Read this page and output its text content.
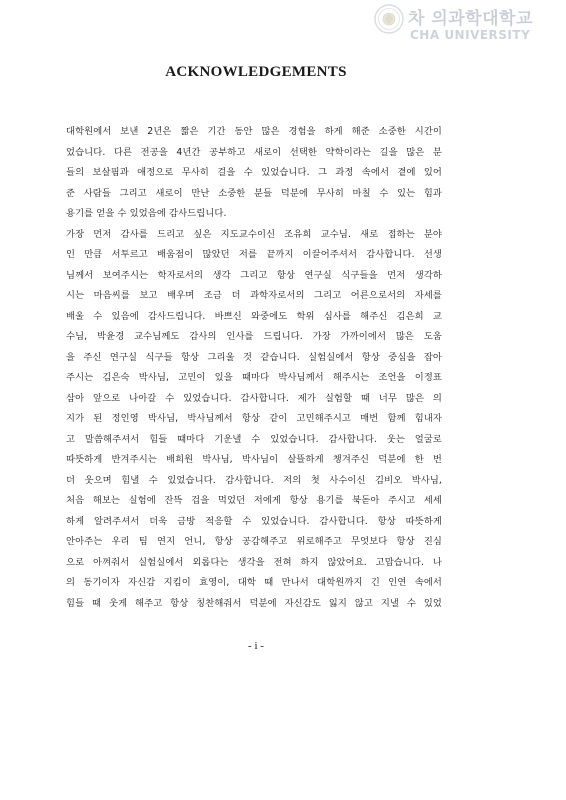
차 의과학대학교
CHA UNIVERSITY
ACKNOWLEDGEMENTS
대학원에서 보낸 2년은 짧은 기간 동안 많은 경험을 하게 해준 소중한 시간이
었습니다. 다른 전공을 4년간 공부하고 새로이 선택한 약학이라는 길을 많은 분
들의 보살핌과 애정으로 무사히 걸을 수 있었습니다. 그 과정 속에서 곁에 있어
준 사람들 그리고 새로이 만난 소중한 분들 덕분에 무사히 마칠 수 있는 힘과
용기를 얻을 수 있었음에 감사드립니다.
가장 먼저 감사를 드리고 싶은 지도교수이신 조유희 교수님. 새로 접하는 분야
인 만큼 서투르고 배움점이 많았던 저를 끝까지 이끌어주셔서 감사합니다. 선생
님께서 보여주시는 학자로서의 생각 그리고 항상 연구실 식구들을 먼저 생각하
시는 마음씨를 보고 배우며 조금 더 과학자로서의 그리고 어른으로서의 자세를
배울 수 있음에 감사드립니다. 바쁘신 와중에도 학위 심사를 해주신 김은희 교
수님, 박윤경 교수님께도 감사의 인사를 드립니다. 가장 가까이에서 많은 도움
을 주신 연구실 식구들 항상 그리울 것 같습니다. 실험실에서 항상 중심을 잡아
주시는 김은숙 박사님, 고민이 있을 때마다 박사님께서 해주시는 조언을 이정표
삼아 앞으로 나아갈 수 있었습니다. 감사합니다. 제가 실험할 때 너무 많은 의
지가 된 정인영 박사님, 박사님께서 항상 같이 고민해주시고 매번 함께 힘내자
고 말씀해주셔서 힘들 때마다 기운낼 수 있었습니다. 감사합니다. 웃는 얼굴로
따뜻하게 반겨주시는 배희원 박사님, 박사님이 살뜰하게 챙겨주신 덕분에 한 번
더 웃으며 힘낼 수 있었습니다. 감사합니다. 저의 첫 사수이신 김비오 박사님,
처음 해보는 실험에 잔뜩 겁을 먹었던 저에게 항상 용기를 북돋아 주시고 세세
하게 알려주셔서 더욱 금방 적응할 수 있었습니다. 감사합니다. 항상 따뜻하게
안아주는 우리 팀 연지 언니, 항상 공감해주고 위로해주고 무엇보다 항상 진심
으로 아껴줘서 실험실에서 외롭다는 생각을 전혀 하지 않았어요. 고맙습니다. 나
의 동기이자 자신감 지킴이 효영이, 대학 때 만나서 대학원까지 긴 인연 속에서
힘들 때 웃게 해주고 항상 칭찬해줘서 덕분에 자신감도 잃지 않고 지낼 수 있었
- i -
